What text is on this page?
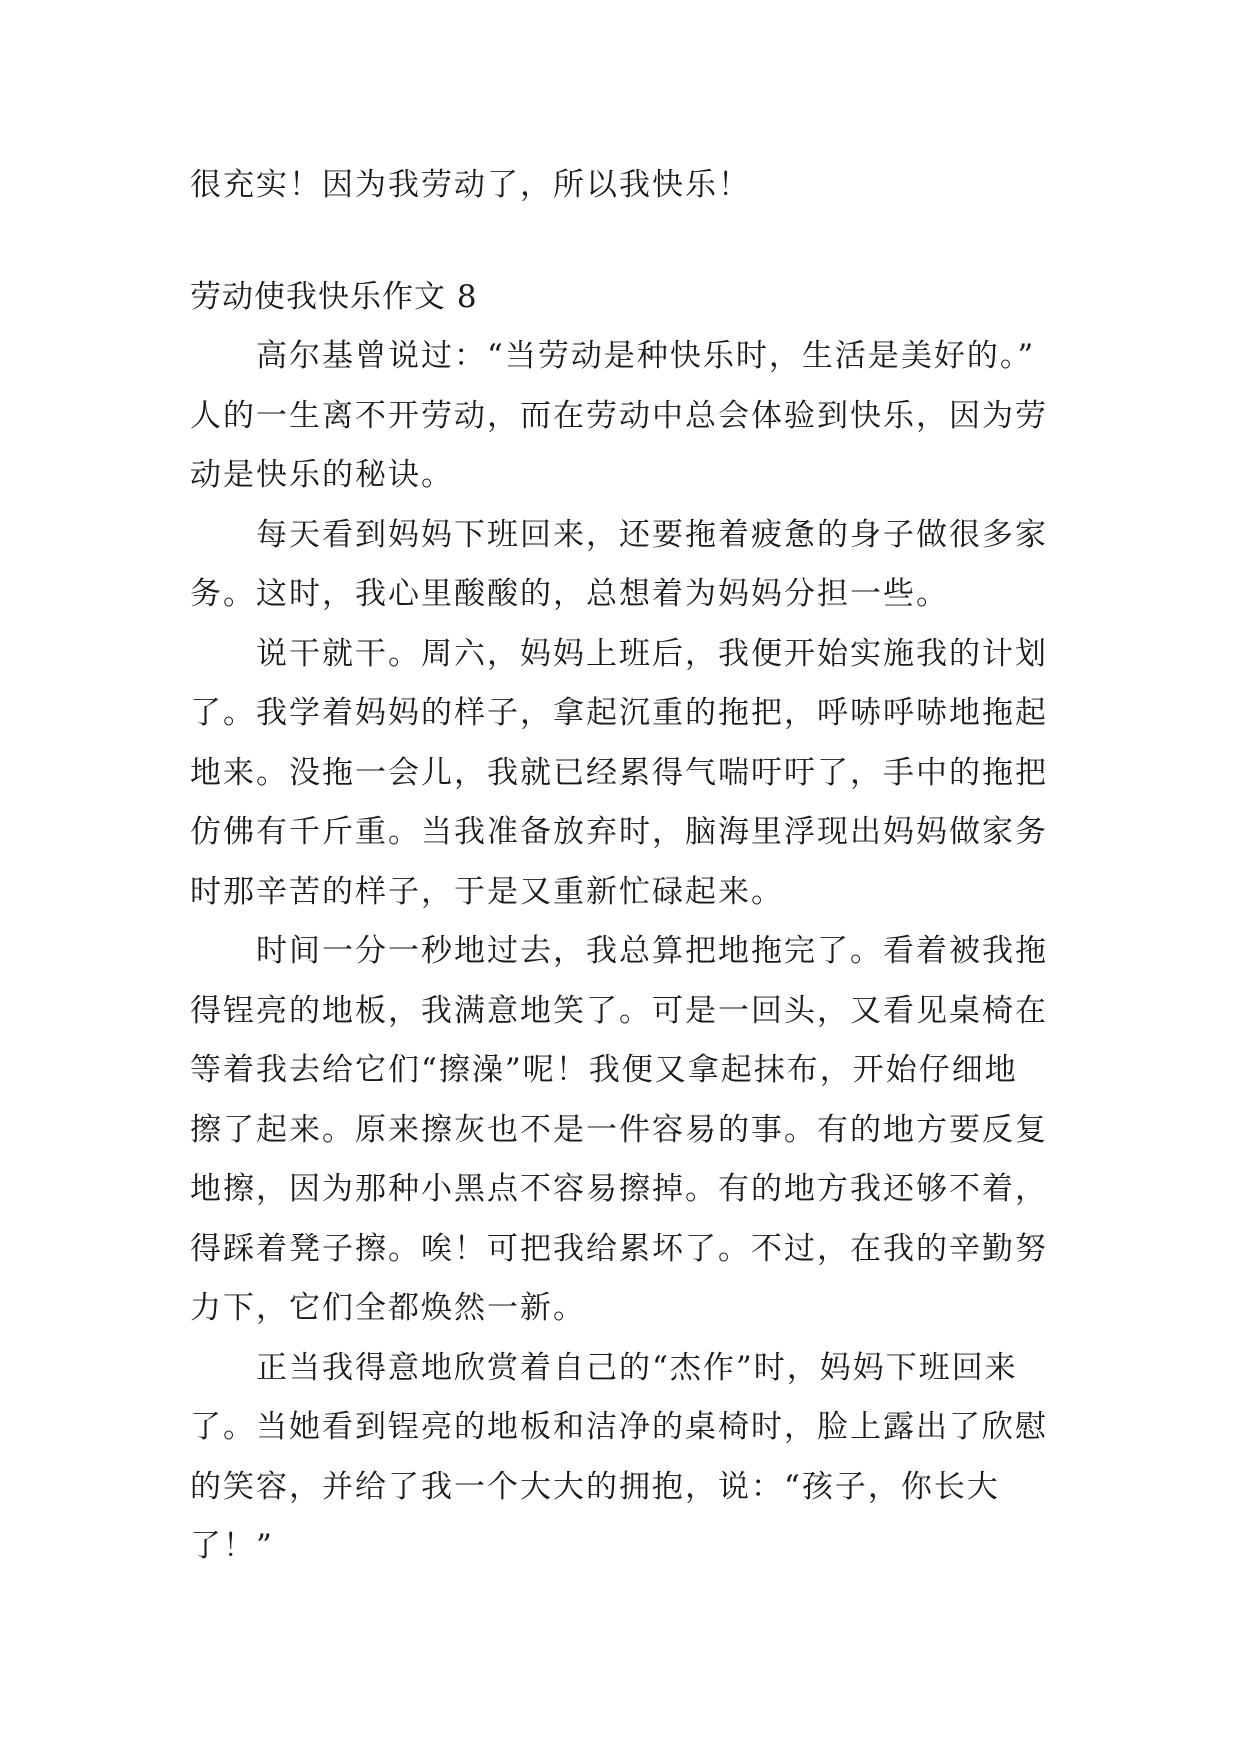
很充实！因为我劳动了，所以我快乐！
劳动使我快乐作文 8
高尔基曾说过：“当劳动是种快乐时，生活是美好的。”
人的一生离不开劳动，而在劳动中总会体验到快乐，因为劳
动是快乐的秘诀。
每天看到妈妈下班回来，还要拖着疲惫的身子做很多家
务。这时，我心里酸酸的，总想着为妈妈分担一些。
说干就干。周六，妈妈上班后，我便开始实施我的计划
了。我学着妈妈的样子，拿起沉重的拖把，呼哧呼哧地拖起
地来。没拖一会儿，我就已经累得气喘吁吁了，手中的拖把
仿佛有千斤重。当我准备放弃时，脑海里浮现出妈妈做家务
时那辛苦的样子，于是又重新忙碌起来。
时间一分一秒地过去，我总算把地拖完了。看着被我拖
得锃亮的地板，我满意地笑了。可是一回头，又看见桌椅在
等着我去给它们“擦澡”呢！我便又拿起抹布，开始仔细地
擦了起来。原来擦灰也不是一件容易的事。有的地方要反复
地擦，因为那种小黑点不容易擦掉。有的地方我还够不着，
得踩着凳子擦。唉！可把我给累坏了。不过，在我的辛勤努
力下，它们全都焕然一新。
正当我得意地欣赏着自己的“杰作”时，妈妈下班回来
了。当她看到锃亮的地板和洁净的桌椅时，脸上露出了欣慰
的笑容，并给了我一个大大的拥抱，说：“孩子，你长大
了！”
